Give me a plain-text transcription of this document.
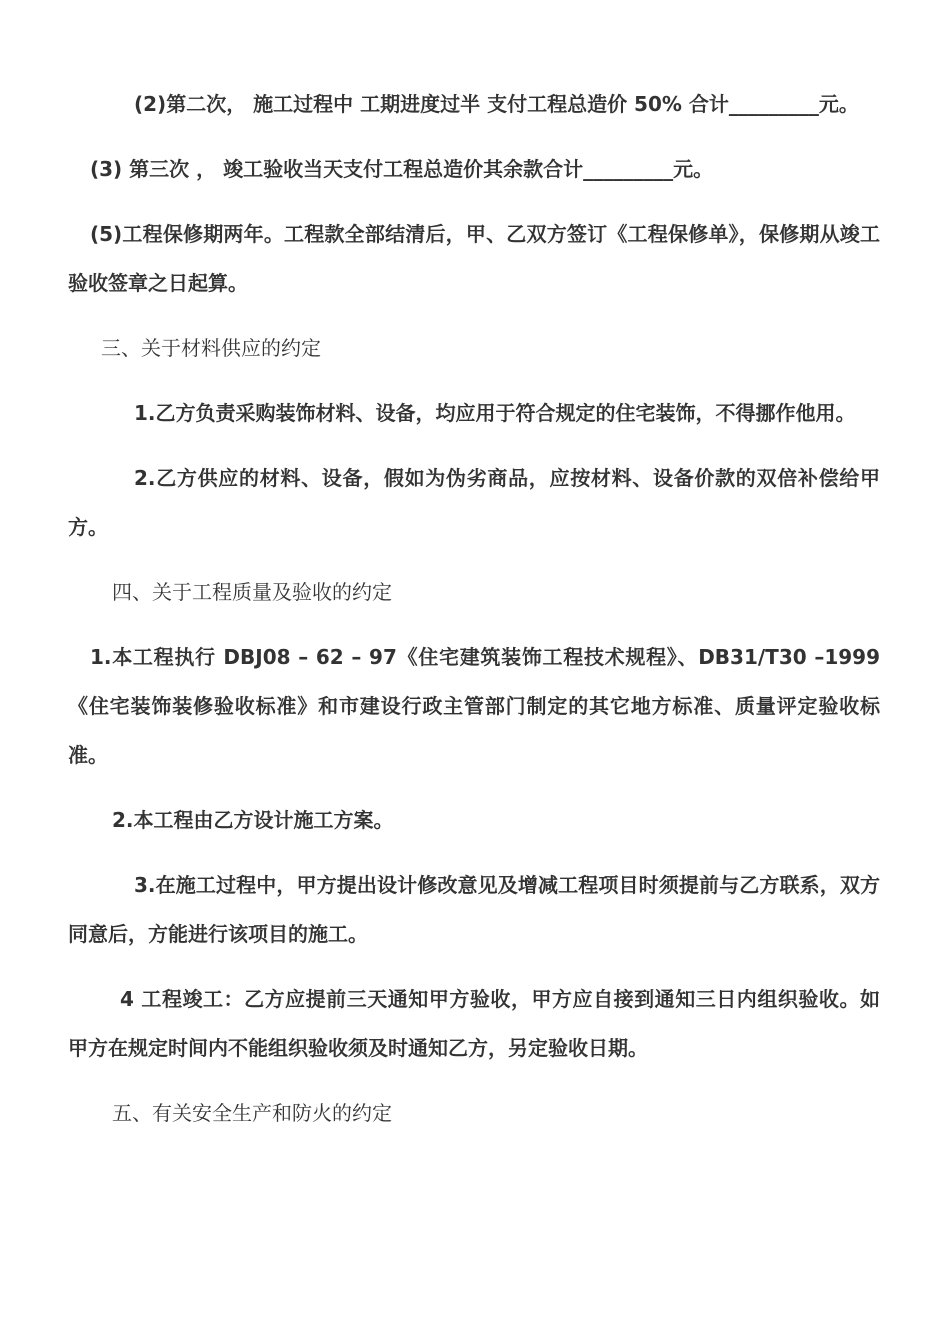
(2)第二次， 施工过程中 工期进度过半 支付工程总造价 50% 合计_________元。

(3) 第三次 ， 竣工验收当天支付工程总造价其余款合计_________元。

(5)工程保修期两年。工程款全部结清后，甲、乙双方签订《工程保修单》，保修期从竣工验收签章之日起算。

三、关于材料供应的约定

1.乙方负责采购装饰材料、设备，均应用于符合规定的住宅装饰，不得挪作他用。

2.乙方供应的材料、设备，假如为伪劣商品，应按材料、设备价款的双倍补偿给甲方。

四、关于工程质量及验收的约定

1.本工程执行 DBJ08 – 62 – 97《住宅建筑装饰工程技术规程》、DB31/T30 –1999《住宅装饰装修验收标准》和市建设行政主管部门制定的其它地方标准、质量评定验收标准。

2.本工程由乙方设计施工方案。

3.在施工过程中，甲方提出设计修改意见及增减工程项目时须提前与乙方联系，双方同意后，方能进行该项目的施工。

4 工程竣工：乙方应提前三天通知甲方验收，甲方应自接到通知三日内组织验收。如甲方在规定时间内不能组织验收须及时通知乙方，另定验收日期。

五、有关安全生产和防火的约定
